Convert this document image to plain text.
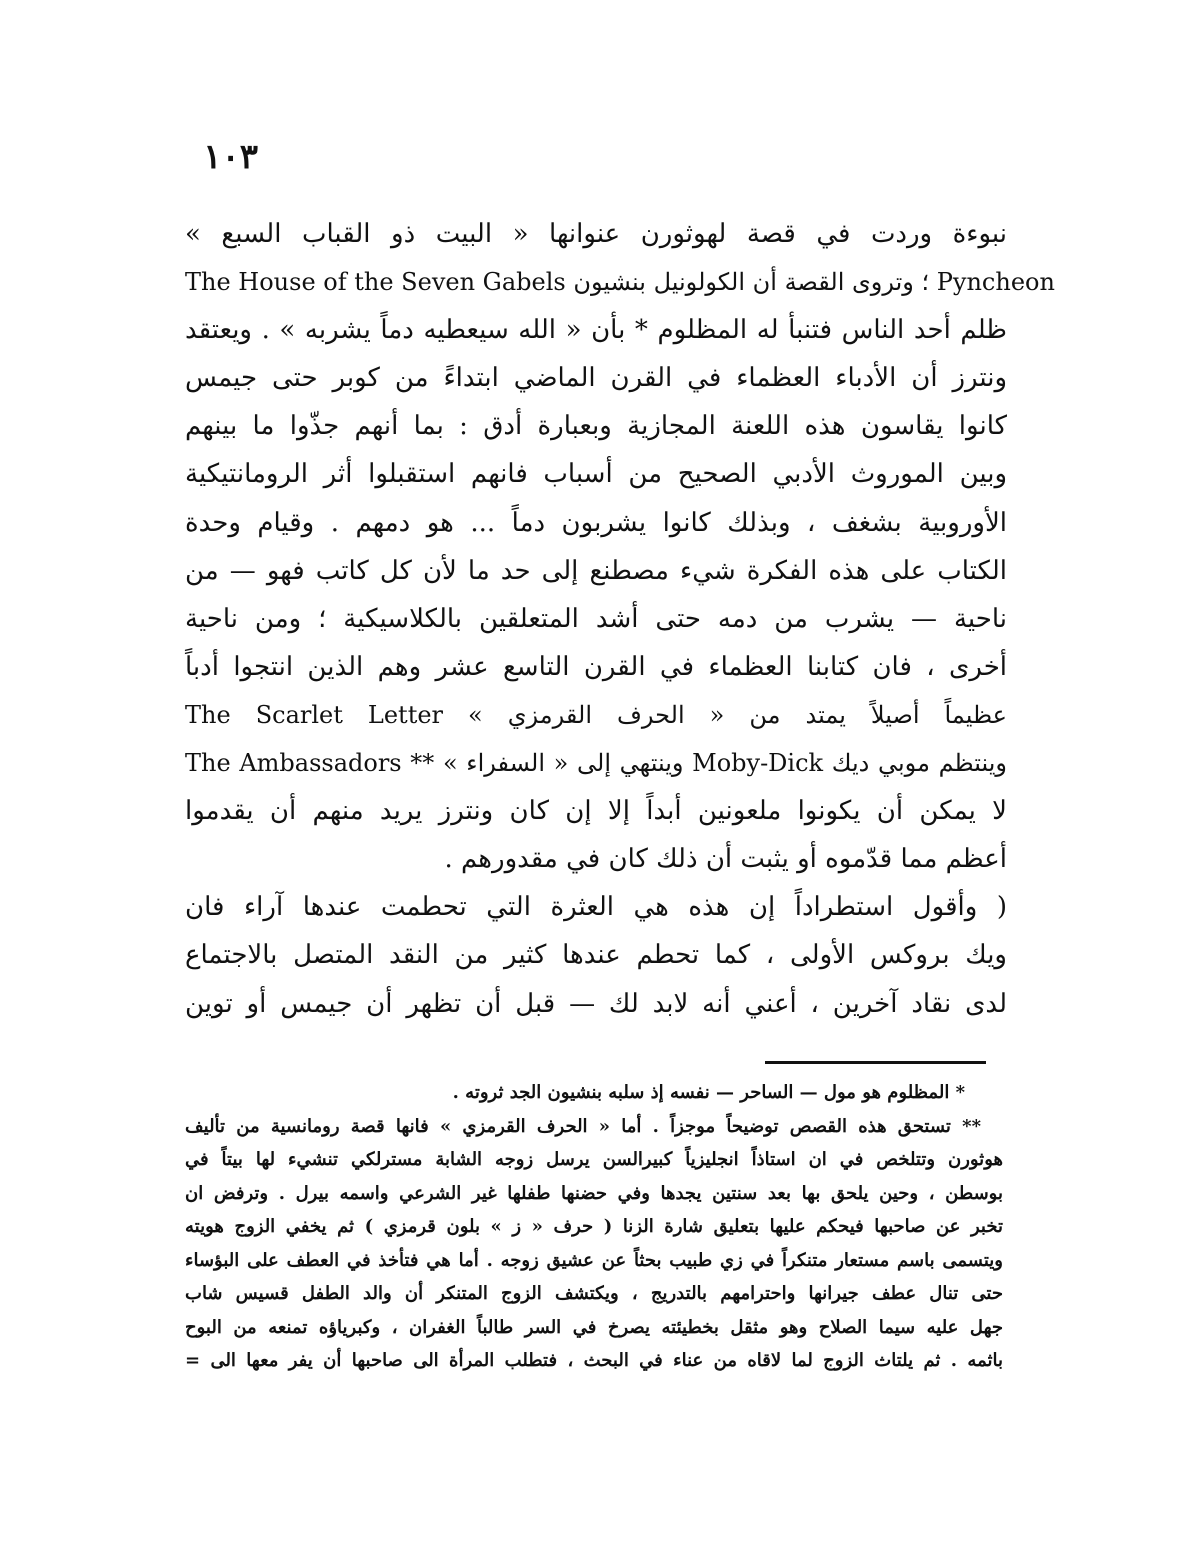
١٠٣
نبوءة وردت في قصة لهوثورن عنوانها « البيت ذو القباب السبع »
The House of the Seven Gabels ؛ وتروى القصة أن الكولونيل بنشيون Pyncheon
ظلم أحد الناس فتنبأ له المظلوم * بأن « الله سيعطيه دماً يشربه » . ويعتقد
ونترز أن الأدباء العظماء في القرن الماضي ابتداءً من كوبر حتى جيمس
كانوا يقاسون هذه اللعنة المجازية وبعبارة أدق : بما أنهم جذّوا ما بينهم
وبين الموروث الأدبي الصحيح من أسباب فانهم استقبلوا أثر الرومانتيكية
الأوروبية بشغف ، وبذلك كانوا يشربون دماً ... هو دمهم . وقيام وحدة
الكتاب على هذه الفكرة شيء مصطنع إلى حد ما لأن كل كاتب فهو — من
ناحية — يشرب من دمه حتى أشد المتعلقين بالكلاسيكية ؛ ومن ناحية
أخرى ، فان كتابنا العظماء في القرن التاسع عشر وهم الذين انتجوا أدباً
عظيماً أصيلاً يمتد من « الحرف القرمزي » The Scarlet Letter
وينتظم موبي ديك Moby-Dick وينتهي إلى « السفراء » ** The Ambassadors
لا يمكن أن يكونوا ملعونين أبداً إلا إن كان ونترز يريد منهم أن يقدموا
أعظم مما قدّموه أو يثبت أن ذلك كان في مقدورهم .
( وأقول استطراداً إن هذه هي العثرة التي تحطمت عندها آراء فان
ويك بروكس الأولى ، كما تحطم عندها كثير من النقد المتصل بالاجتماع
لدى نقاد آخرين ، أعني أنه لابد لك — قبل أن تظهر أن جيمس أو توين
* المظلوم هو مول — الساحر — نفسه إذ سلبه بنشيون الجد ثروته .
** تستحق هذه القصص توضيحاً موجزاً . أما « الحرف القرمزي » فانها قصة رومانسية من تأليف
هوثورن وتتلخص في ان استاذاً انجليزياً كبيرالسن يرسل زوجه الشابة مسترلكي تنشيء لها بيتاً في
بوسطن ، وحين يلحق بها بعد سنتين يجدها وفي حضنها طفلها غير الشرعي واسمه بيرل . وترفض ان
تخبر عن صاحبها فيحكم عليها بتعليق شارة الزنا ( حرف « ز » بلون قرمزي ) ثم يخفي الزوج هويته
ويتسمى باسم مستعار متنكراً في زي طبيب بحثاً عن عشيق زوجه . أما هي فتأخذ في العطف على البؤساء
حتى تنال عطف جيرانها واحترامهم بالتدريج ، ويكتشف الزوج المتنكر أن والد الطفل قسيس شاب
جهل عليه سيما الصلاح وهو مثقل بخطيئته يصرخ في السر طالباً الغفران ، وكبرياؤه تمنعه من البوح
باثمه . ثم يلتاث الزوج لما لاقاه من عناء في البحث ، فتطلب المرأة الى صاحبها أن يفر معها الى =
